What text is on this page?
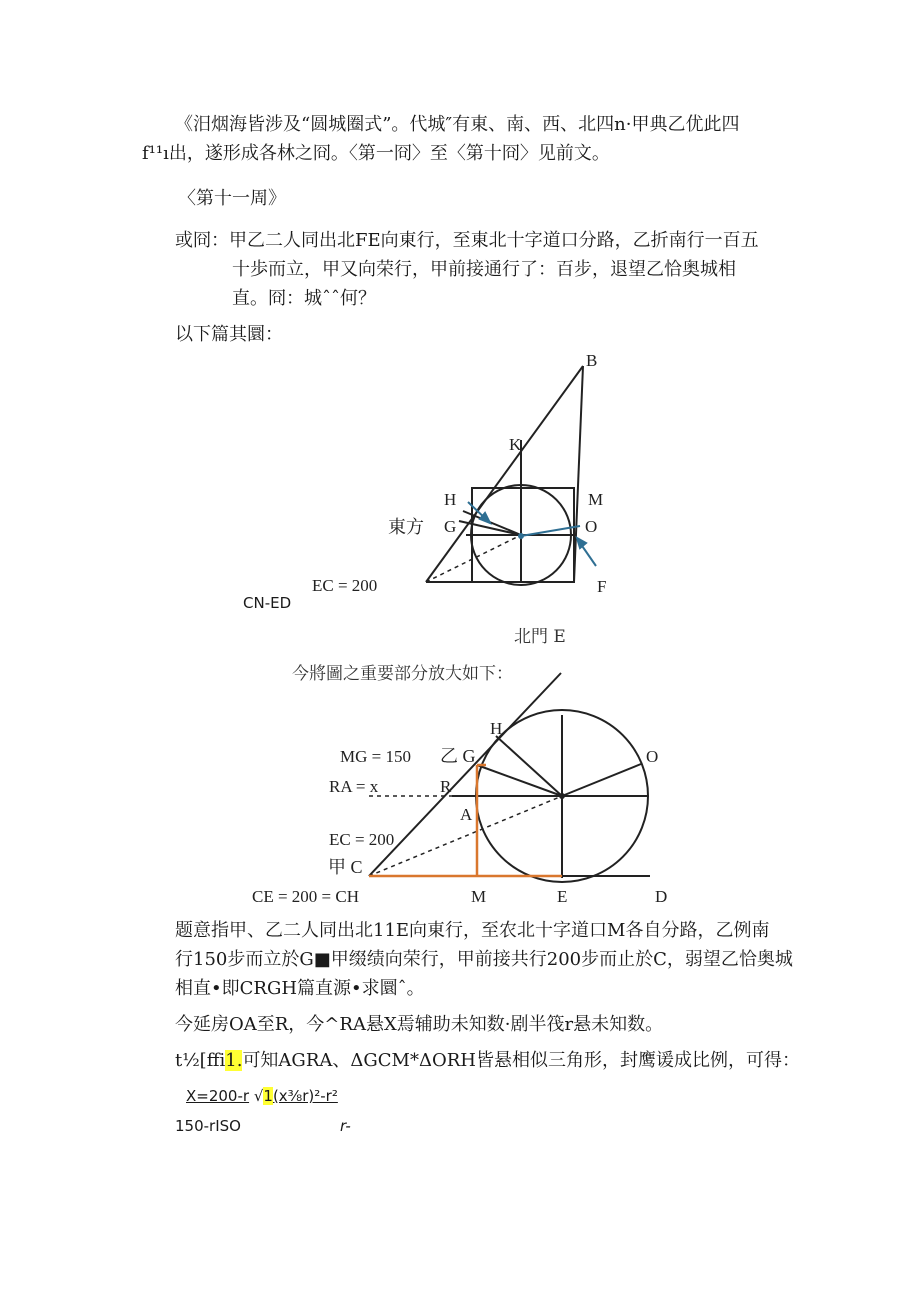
《汨烟海皆涉及“圆城圈式”。代城″有東、南、西、北四n·甲典乙优此四
f¹¹ı出，遂形成各林之冏。〈第一冏〉至〈第十冏〉见前文。
〈第十一周》
或冏：甲乙二人同出北FE向東行，至東北十字道口分路，乙折南行一百五
十歩而立，甲又向荣行，甲前接通行了：百步，退望乙恰奥城相
直。冏：城ˆˆ何？
以下篇其圜：
B
K
H	M
G	O
F
東方
EC = 200
CN-ED
北門 E
今將圖之重要部分放大如下：
H
O
MG = 150 乙 G
RA = x	R
A
EC = 200
甲 C
CE = 200 = CH	M	E	D
题意指甲、乙二人同出北11E向東行，至农北十字道口M各自分路，乙例南
行150步而立於G■甲缀绩向荣行，甲前接共行200步而止於C，弱望乙恰奥城
相直•即CRGH篇直源•求圜ˆ。
今延房OA至R，今^RA悬X焉辅助未知数·剧半筏r悬未知数。
t½[ffi1.可知AGRA、ΔGCM*ΔORH皆悬相似三角形，封鹰谖成比例，可得：
X=200-r √1(x⅜r)²-r²
150-rISO	r-
